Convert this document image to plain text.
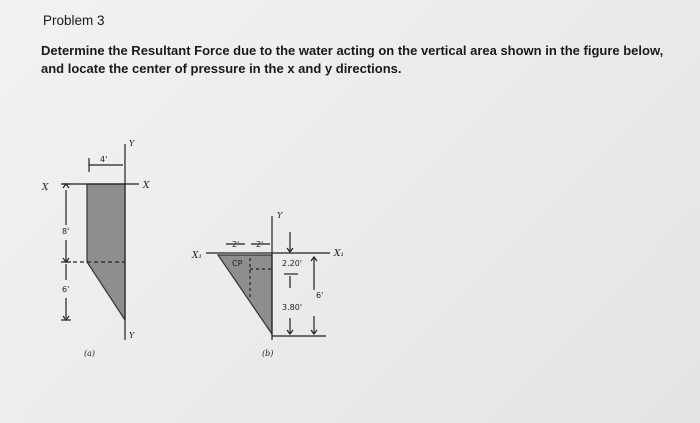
Problem 3
Determine the Resultant Force due to the water acting on the vertical area shown in the figure below,
and locate the center of pressure in the x and y directions.
Y
X	X
4'
8'
6'
Y
(a)
Y
X₁	X₁
2' 2'
CP	2.20'
6'
3.80'
(b)
